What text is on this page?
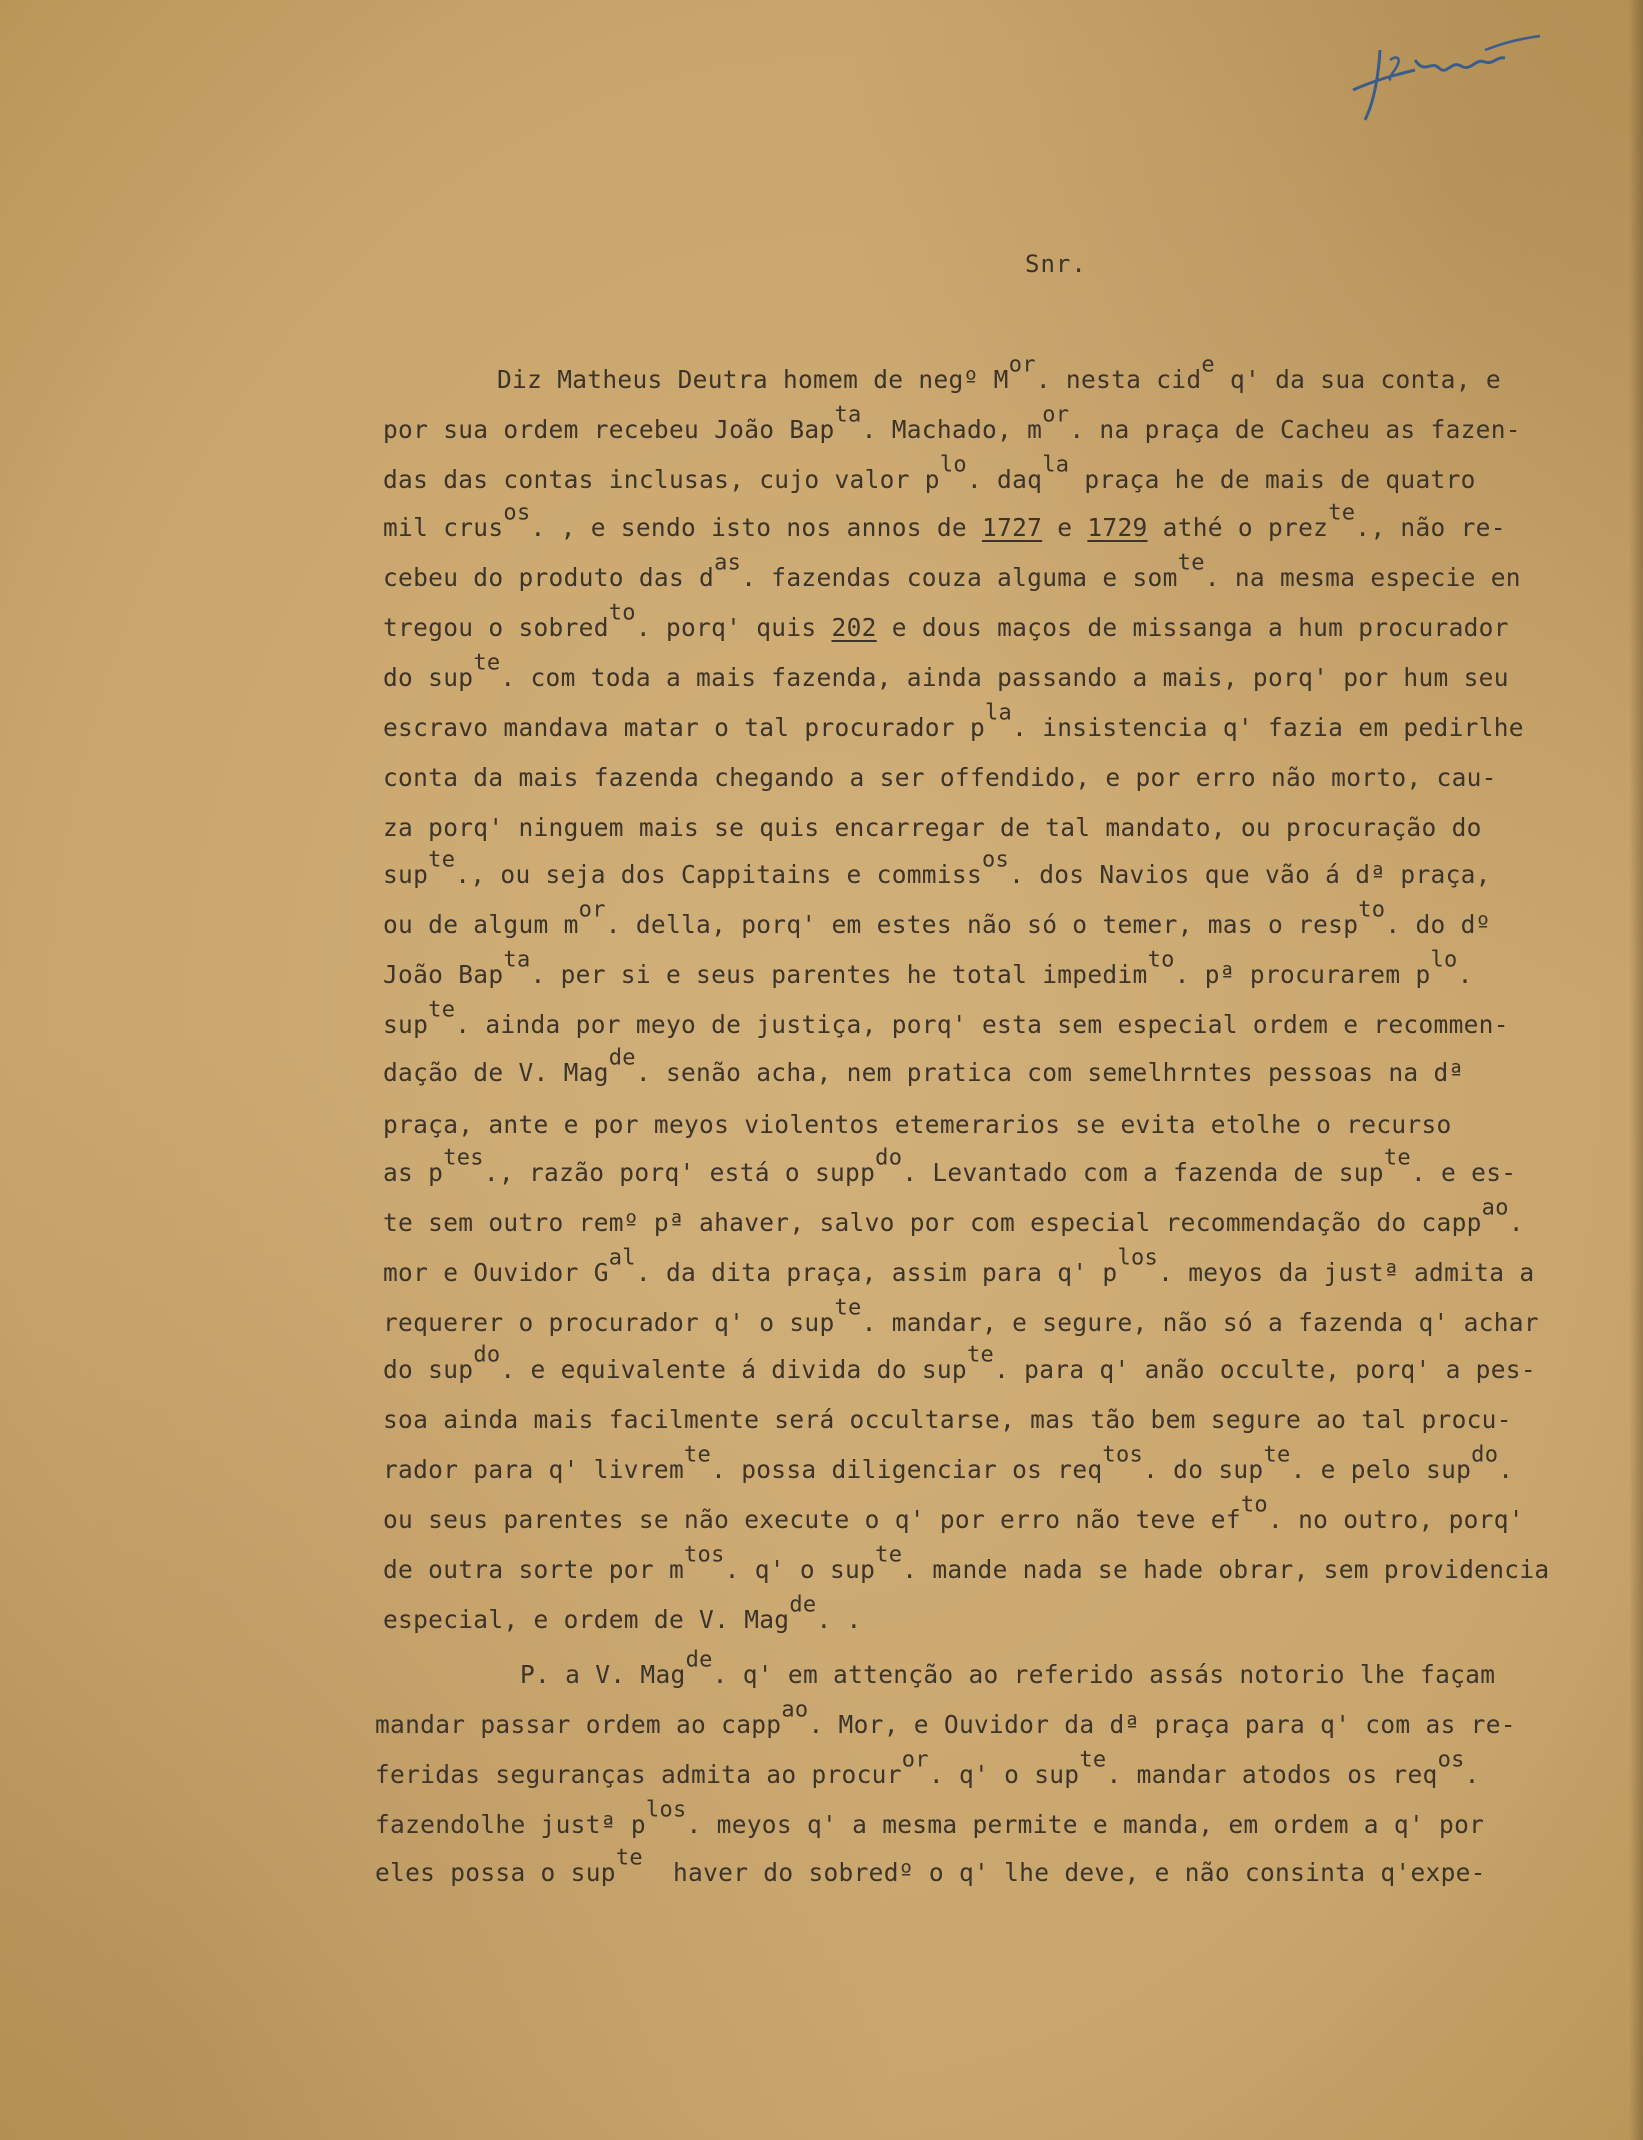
Snr.
Diz Matheus Deutra homem de negº $M^{or}$. nesta cid$^e$ q' da sua conta, e
por sua ordem recebeu João Bap$^{ta}$. Machado, $m^{or}$. na praça de Cacheu as fazen-
das das contas inclusas, cujo valor $p^{lo}$. daq$^{la}$ praça he de mais de quatro
mil crus$^{os}$. , e sendo isto nos annos de 1727 e 1729 athé o prez$^{te}$., não re-
cebeu do produto das $d^{as}$. fazendas couza alguma e som$^{te}$. na mesma especie en
tregou o sobred$^{to}$. porq' quis 202 e dous maços de missanga a hum procurador
do sup$^{te}$. com toda a mais fazenda, ainda passando a mais, porq' por hum seu
escravo mandava matar o tal procurador $p^{la}$. insistencia q' fazia em pedirlhe
conta da mais fazenda chegando a ser offendido, e por erro não morto, cau-
za porq' ninguem mais se quis encarregar de tal mandato, ou procuração do
sup$^{te}$., ou seja dos Cappitains e commiss$^{os}$. dos Navios que vão á dª praça,
ou de algum $m^{or}$. della, porq' em estes não só o temer, mas o resp$^{to}$. do dº
João Bap$^{ta}$. per si e seus parentes he total impedim$^{to}$. pª procurarem $p^{lo}$.
sup$^{te}$. ainda por meyo de justiça, porq' esta sem especial ordem e recommen-
dação de V. Mag$^{de}$. senão acha, nem pratica com semelhrntes pessoas na dª
praça, ante e por meyos violentos etemerarios se evita etolhe o recurso
as $p^{tes}$., razão porq' está o supp$^{do}$. Levantado com a fazenda de sup$^{te}$. e es-
te sem outro remº pª ahaver, salvo por com especial recommendação do capp$^{ao}$.
mor e Ouvidor $G^{al}$. da dita praça, assim para q' $p^{los}$. meyos da justª admita a
requerer o procurador q' o sup$^{te}$. mandar, e segure, não só a fazenda q' achar
do sup$^{do}$. e equivalente á divida do sup$^{te}$. para q' anão occulte, porq' a pes-
soa ainda mais facilmente será occultarse, mas tão bem segure ao tal procu-
rador para q' livrem$^{te}$. possa diligenciar os req$^{tos}$. do sup$^{te}$. e pelo sup$^{do}$.
ou seus parentes se não execute o q' por erro não teve $ef^{to}$. no outro, porq'
de outra sorte por $m^{tos}$. q' o sup$^{te}$. mande nada se hade obrar, sem providencia
especial, e ordem de V. Mag$^{de}$. .
P. a V. Mag$^{de}$. q' em attenção ao referido assás notorio lhe façam
mandar passar ordem ao capp$^{ao}$. Mor, e Ouvidor da dª praça para q' com as re-
feridas seguranças admita ao procur$^{or}$. q' o sup$^{te}$. mandar atodos os req$^{os}$.
fazendolhe justª $p^{los}$. meyos q' a mesma permite e manda, em ordem a q' por
eles possa o sup$^{te}$  haver do sobredº o q' lhe deve, e não consinta q'expe-
